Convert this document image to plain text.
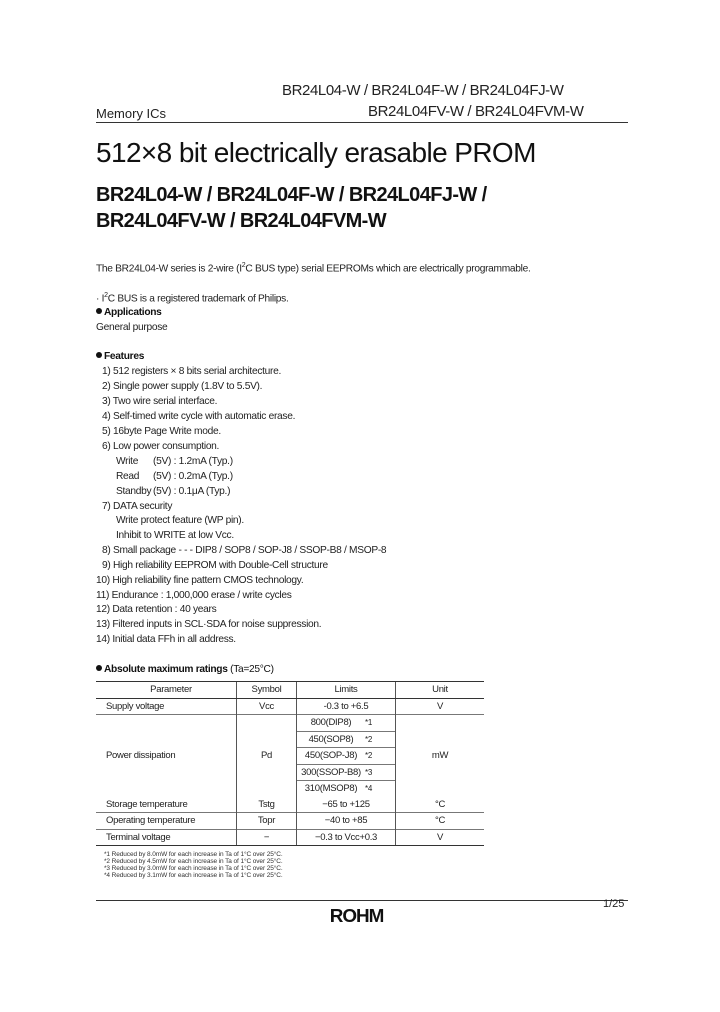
BR24L04-W / BR24L04F-W / BR24L04FJ-W
BR24L04FV-W / BR24L04FVM-W
Memory ICs
512×8 bit electrically erasable PROM
BR24L04-W / BR24L04F-W / BR24L04FJ-W /
BR24L04FV-W / BR24L04FVM-W
The BR24L04-W series is 2-wire ($I^2C$ BUS type) serial EEPROMs which are electrically programmable.
· $I^2C$ BUS is a registered trademark of Philips.
Applications
General purpose
Features
1) 512 registers × 8 bits serial architecture.
2) Single power supply (1.8V to 5.5V).
3) Two wire serial interface.
4) Self-timed write cycle with automatic erase.
5) 16byte Page Write mode.
6) Low power consumption.
Write (5V) : 1.2mA (Typ.)
Read (5V) : 0.2mA (Typ.)
Standby (5V) : 0.1μA (Typ.)
7) DATA security
Write protect feature (WP pin).
Inhibit to WRITE at low Vcc.
8) Small package - - - DIP8 / SOP8 / SOP-J8 / SSOP-B8 / MSOP-8
9) High reliability EEPROM with Double-Cell structure
10) High reliability fine pattern CMOS technology.
11) Endurance : 1,000,000 erase / write cycles
12) Data retention : 40 years
13) Filtered inputs in SCL·SDA for noise suppression.
14) Initial data FFh in all address.
Absolute maximum ratings (Ta=25°C)
Parameter	Symbol	Limits		Unit
Supply voltage	Vcc	-0.3 to +6.5		V
Power dissipation	Pd	800(DIP8)	*1	mW
		450(SOP8)	*2	
		450(SOP-J8)	*2	
		300(SSOP-B8)	*3	
		310(MSOP8)	*4	
Storage temperature	Tstg	−65 to +125		°C
Operating temperature	Topr	−40 to +85		°C
Terminal voltage	−	−0.3 to Vcc+0.3		V
*1 Reduced by 8.0mW for each increase in Ta of 1°C over 25°C.
*2 Reduced by 4.5mW for each increase in Ta of 1°C over 25°C.
*3 Reduced by 3.0mW for each increase in Ta of 1°C over 25°C.
*4 Reduced by 3.1mW for each increase in Ta of 1°C over 25°C.
1/25
ROHM
